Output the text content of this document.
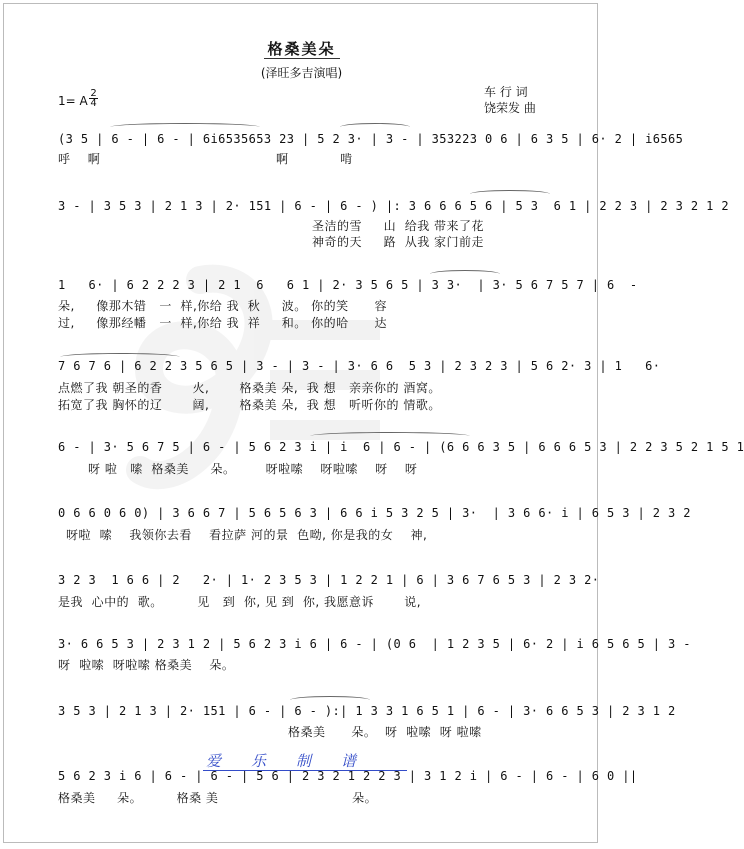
格桑美朵
(泽旺多吉演唱)
车 行 词
饶荣发 曲
1= A
2
4
(3 5 | 6 - | 6 - | 6i6535653 23 | 5 2 3· | 3 - | 353223 0 6 | 6 3 5 | 6· 2 | i6565
呼    啊	啊            啃
3 - | 3 5 3 | 2 1 3 | 2· 151 | 6 - | 6 - ) |: 3 6 6 6 5 6 | 5 3  6 1 | 2 2 3 | 2 3 2 1 2
圣洁的雪     山  给我 带来了花
神奇的天     路  从我 家门前走
1   6· | 6 2 2 2 3 | 2 1  6   6 1 | 2· 3 5 6 5 | 3 3·  | 3· 5 6 7 5 7 | 6  -
朵,     像那木错   一  样,你给 我  秋     波。 你的笑      容
过,     像那经幡   一  样,你给 我  祥     和。 你的哈      达
7 6 7 6 | 6 2 2 3 5 6 5 | 3 - | 3 - | 3· 6 6  5 3 | 2 3 2 3 | 5 6 2· 3 | 1   6·
点燃了我 朝圣的香       火,       格桑美 朵,  我 想   亲亲你的 酒窝。
拓宽了我 胸怀的辽       阔,       格桑美 朵,  我 想   听听你的 情歌。
6 - | 3· 5 6 7 5 | 6 - | 5 6 2 3 i | i  6 | 6 - | (6 6 6 3 5 | 6 6 6 5 3 | 2 2 3 5 2 1 5 1
呀 啦   嗦  格桑美     朵。       呀啦嗦    呀啦嗦    呀    呀
0 6 6 0 6 0) | 3 6 6 7 | 5 6 5 6 3 | 6 6 i 5 3 2 5 | 3·  | 3 6 6· i | 6 5 3 | 2 3 2
呀啦  嗦    我领你去看    看拉萨 河的景  色呦, 你是我的女    神,
3 2 3  1 6 6 | 2   2· | 1· 2 3 5 3 | 1 2 2 1 | 6 | 3 6 7 6 5 3 | 2 3 2·
是我  心中的  歌。        见   到  你, 见 到  你, 我愿意诉       说,
3· 6 6 5 3 | 2 3 1 2 | 5 6 2 3 i 6 | 6 - | (0 6  | 1 2 3 5 | 6· 2 | i 6 5 6 5 | 3 -
呀  啦嗦  呀啦嗦 格桑美    朵。
3 5 3 | 2 1 3 | 2· 151 | 6 - | 6 - ):| 1 3 3 1 6 5 1 | 6 - | 3· 6 6 5 3 | 2 3 1 2
格桑美      朵。  呀  啦嗦  呀 啦嗦
5 6 2 3 i 6 | 6 - | 6 - | 5 6 | 2 3 2 1 2 2 3 | 3 1 2 i | 6 - | 6 - | 6 0 ||
格桑美     朵。        格桑 美                               朵。
爱乐制谱
